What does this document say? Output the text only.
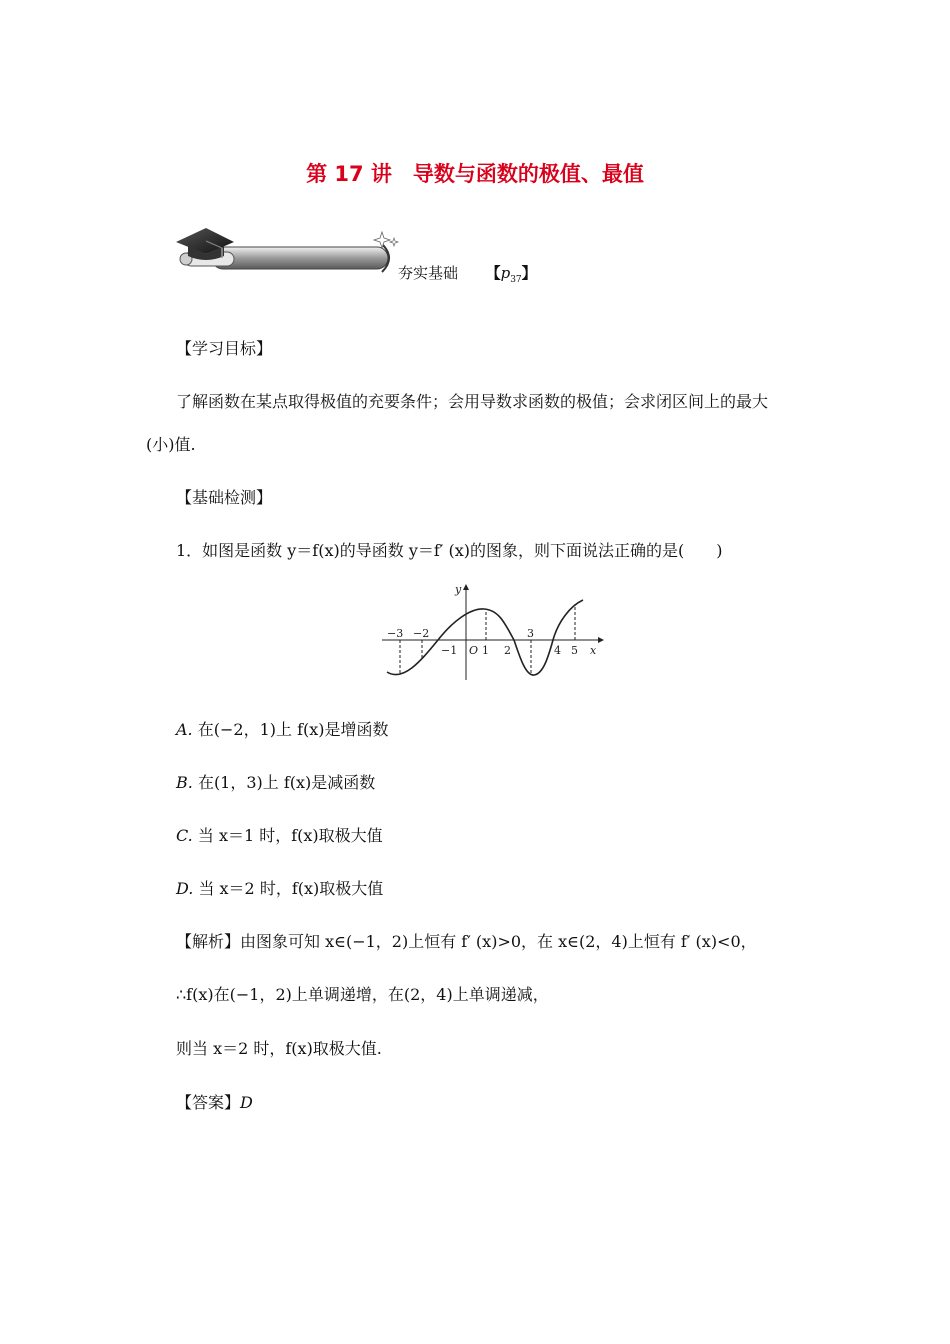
第 17 讲　导数与函数的极值、最值
夯实基础 【$p_{37}$】
【学习目标】
了解函数在某点取得极值的充要条件；会用导数求函数的极值；会求闭区间上的最大
(小)值.
【基础检测】
1．如图是函数 y＝f(x)的导函数 y＝f′ (x)的图象，则下面说法正确的是(　　)
y
x
O
−3 −2
−1 1 2
3
4 5
A. 在(−2，1)上 f(x)是增函数
B. 在(1，3)上 f(x)是减函数
C. 当 x＝1 时，f(x)取极大值
D. 当 x＝2 时，f(x)取极大值
【解析】由图象可知 x∈(−1，2)上恒有 f′ (x)>0，在 x∈(2，4)上恒有 f′ (x)<0，
∴f(x)在(−1，2)上单调递增，在(2，4)上单调递减，
则当 x＝2 时，f(x)取极大值.
【答案】D
